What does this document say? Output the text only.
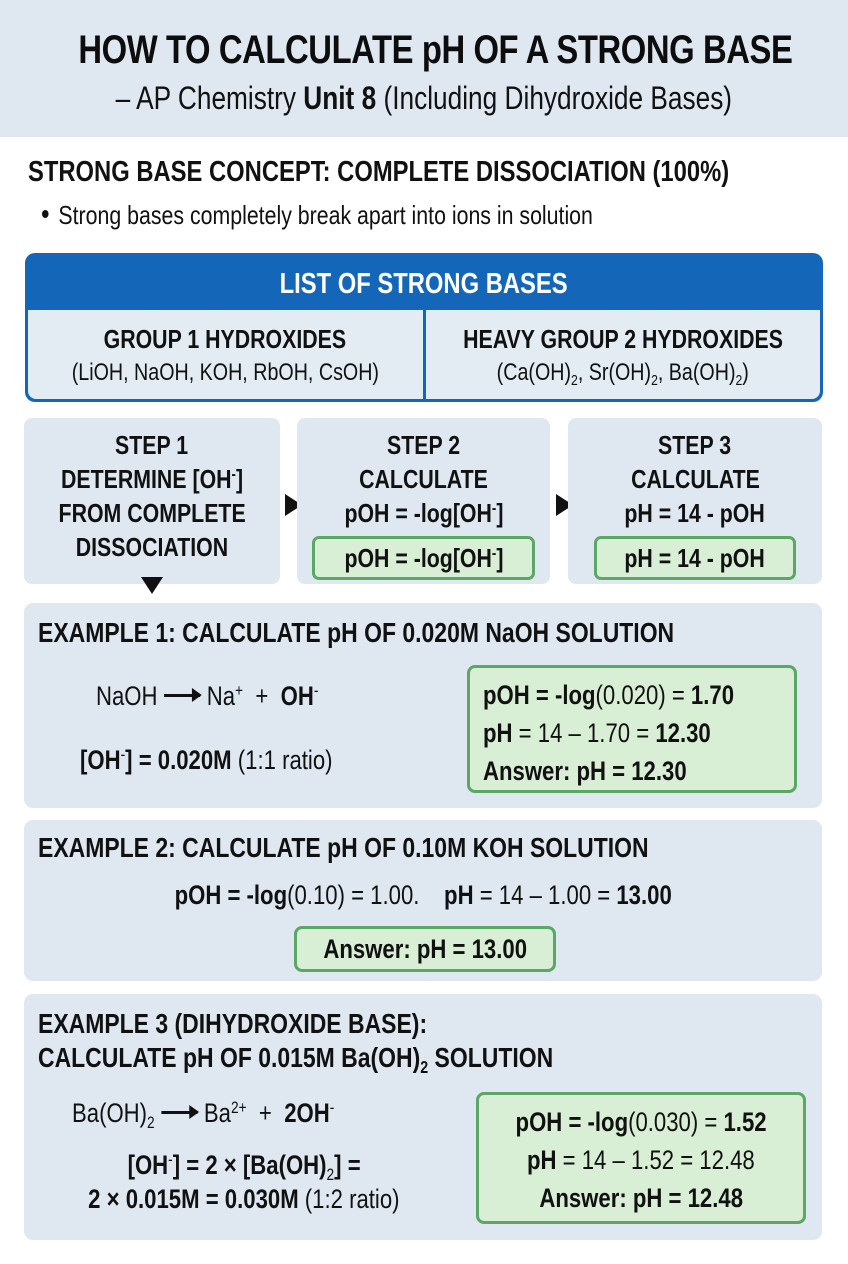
HOW TO CALCULATE pH OF A STRONG BASE
– AP Chemistry Unit 8 (Including Dihydroxide Bases)
STRONG BASE CONCEPT: COMPLETE DISSOCIATION (100%)
Strong bases completely break apart into ions in solution
LIST OF STRONG BASES
GROUP 1 HYDROXIDES
(LiOH, NaOH, KOH, RbOH, CsOH)
HEAVY GROUP 2 HYDROXIDES
($Ca(OH)_2$, $Sr(OH)_2$, $Ba(OH)_2$)
STEP 1
DETERMINE [OH-]
FROM COMPLETE
DISSOCIATION
STEP 2
CALCULATE
pOH = -log[OH-]
pOH = -log[OH-]
STEP 3
CALCULATE
pH = 14 - pOH
pH = 14 - pOH
EXAMPLE 1: CALCULATE pH OF 0.020M NaOH SOLUTION
NaOH Na+ + OH-
[OH-] = 0.020M (1:1 ratio)
pOH = -log(0.020) = 1.70
pH = 14 – 1.70 = 12.30
Answer: pH = 12.30
EXAMPLE 2: CALCULATE pH OF 0.10M KOH SOLUTION
pOH = -log(0.10) = 1.00. pH = 14 – 1.00 = 13.00
Answer: pH = 13.00
EXAMPLE 3 (DIHYDROXIDE BASE):
CALCULATE pH OF 0.015M $Ba(OH)_2$ SOLUTION
$Ba(OH)_2$ $Ba^{2+} + 2OH^-$
$[OH^-] = 2 \times [Ba(OH)_2]$ =
2 × 0.015M = 0.030M (1:2 ratio)
pOH = -log(0.030) = 1.52
pH = 14 – 1.52 = 12.48
Answer: pH = 12.48
